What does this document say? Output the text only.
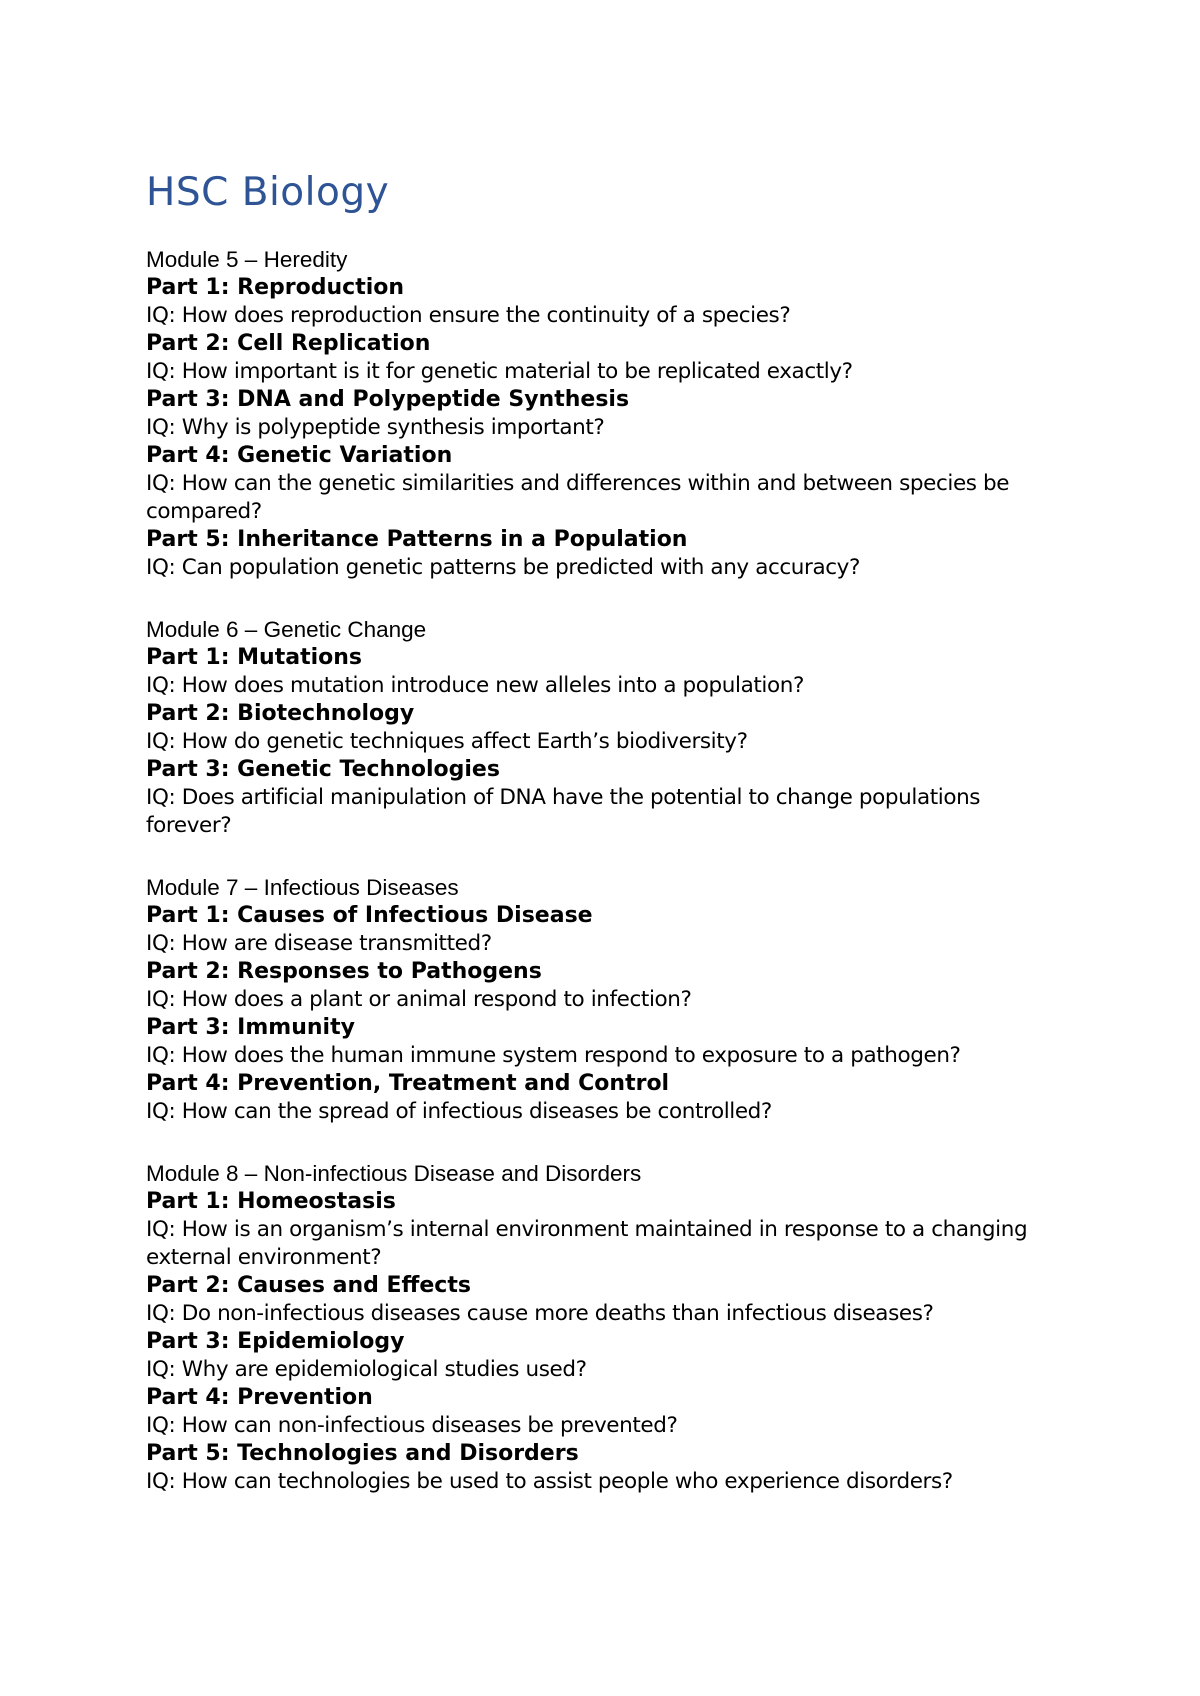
HSC Biology

Module 5 – Heredity

Part 1: Reproduction

IQ: How does reproduction ensure the continuity of a species?

Part 2: Cell Replication

IQ: How important is it for genetic material to be replicated exactly?

Part 3: DNA and Polypeptide Synthesis

IQ: Why is polypeptide synthesis important?

Part 4: Genetic Variation

IQ: How can the genetic similarities and differences within and between species be compared?

Part 5: Inheritance Patterns in a Population

IQ: Can population genetic patterns be predicted with any accuracy?

Module 6 – Genetic Change

Part 1: Mutations

IQ: How does mutation introduce new alleles into a population?

Part 2: Biotechnology

IQ: How do genetic techniques affect Earth’s biodiversity?

Part 3: Genetic Technologies

IQ: Does artificial manipulation of DNA have the potential to change populations forever?

Module 7 – Infectious Diseases

Part 1: Causes of Infectious Disease

IQ: How are disease transmitted?

Part 2: Responses to Pathogens

IQ: How does a plant or animal respond to infection?

Part 3: Immunity

IQ: How does the human immune system respond to exposure to a pathogen?

Part 4: Prevention, Treatment and Control

IQ: How can the spread of infectious diseases be controlled?

Module 8 – Non-infectious Disease and Disorders

Part 1: Homeostasis

IQ: How is an organism’s internal environment maintained in response to a changing external environment?

Part 2: Causes and Effects

IQ: Do non-infectious diseases cause more deaths than infectious diseases?

Part 3: Epidemiology

IQ: Why are epidemiological studies used?

Part 4: Prevention

IQ: How can non-infectious diseases be prevented?

Part 5: Technologies and Disorders

IQ: How can technologies be used to assist people who experience disorders?
